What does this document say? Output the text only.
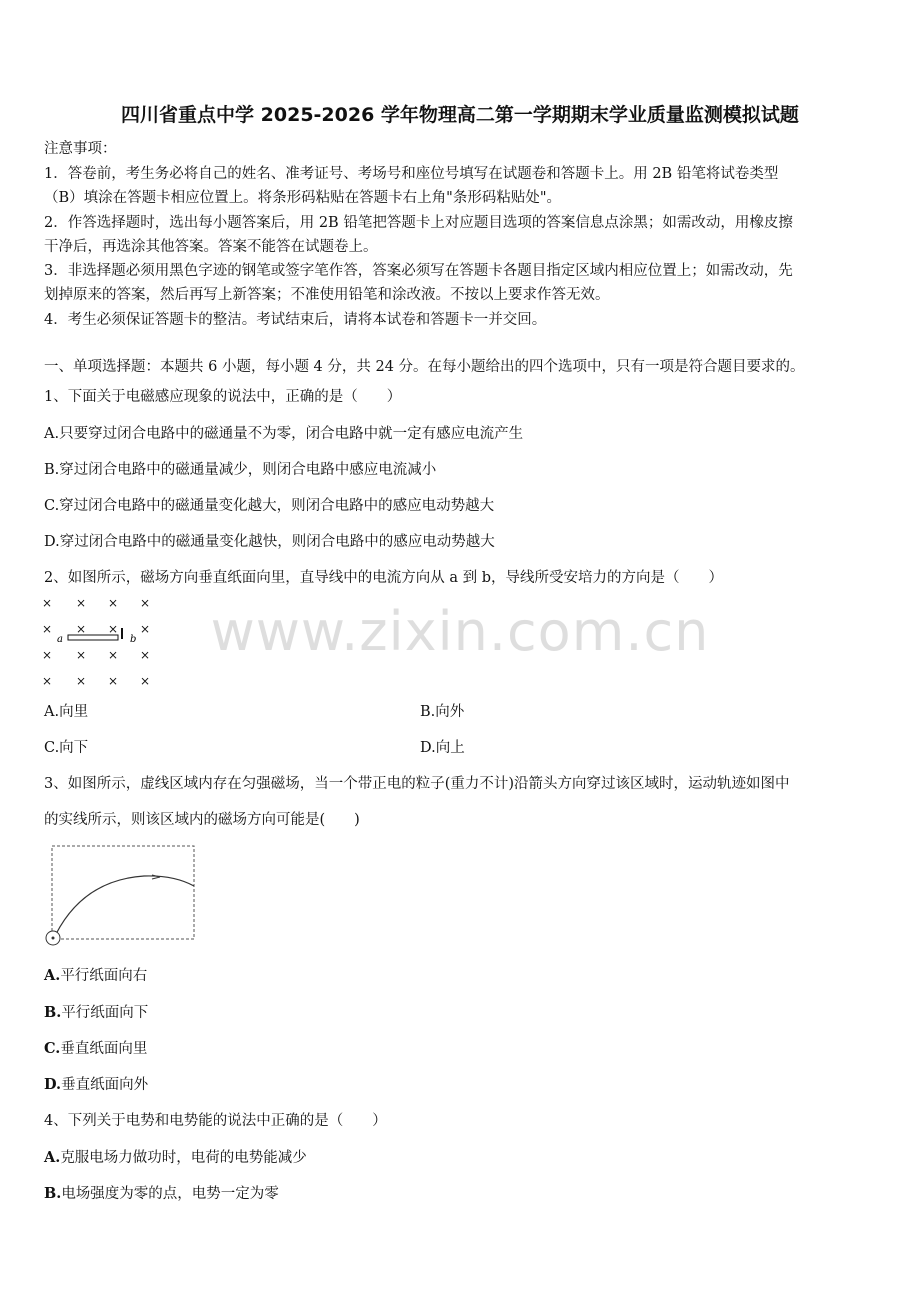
四川省重点中学 2025-2026 学年物理高二第一学期期末学业质量监测模拟试题
注意事项：
1．答卷前，考生务必将自己的姓名、准考证号、考场号和座位号填写在试题卷和答题卡上。用 2B 铅笔将试卷类型
（B）填涂在答题卡相应位置上。将条形码粘贴在答题卡右上角"条形码粘贴处"。
2．作答选择题时，选出每小题答案后，用 2B 铅笔把答题卡上对应题目选项的答案信息点涂黑；如需改动，用橡皮擦
干净后，再选涂其他答案。答案不能答在试题卷上。
3．非选择题必须用黑色字迹的钢笔或签字笔作答，答案必须写在答题卡各题目指定区域内相应位置上；如需改动，先
划掉原来的答案，然后再写上新答案；不准使用铅笔和涂改液。不按以上要求作答无效。
4．考生必须保证答题卡的整洁。考试结束后，请将本试卷和答题卡一并交回。
一、单项选择题：本题共 6 小题，每小题 4 分，共 24 分。在每小题给出的四个选项中，只有一项是符合题目要求的。
1、下面关于电磁感应现象的说法中，正确的是（　　）
A.只要穿过闭合电路中的磁通量不为零，闭合电路中就一定有感应电流产生
B.穿过闭合电路中的磁通量减少，则闭合电路中感应电流减小
C.穿过闭合电路中的磁通量变化越大，则闭合电路中的感应电动势越大
D.穿过闭合电路中的磁通量变化越快，则闭合电路中的感应电动势越大
2、如图所示，磁场方向垂直纸面向里，直导线中的电流方向从 a 到 b，导线所受安培力的方向是（　　）
× × × ×
× × × ×
× × × ×
× × × ×
a	b
A.向里	B.向外
C.向下	D.向上
3、如图所示，虚线区域内存在匀强磁场，当一个带正电的粒子(重力不计)沿箭头方向穿过该区域时，运动轨迹如图中
的实线所示，则该区域内的磁场方向可能是(　　)
A.平行纸面向右
B.平行纸面向下
C.垂直纸面向里
D.垂直纸面向外
4、下列关于电势和电势能的说法中正确的是（　　）
A.克服电场力做功时，电荷的电势能减少
B.电场强度为零的点，电势一定为零
www.zixin.com.cn
